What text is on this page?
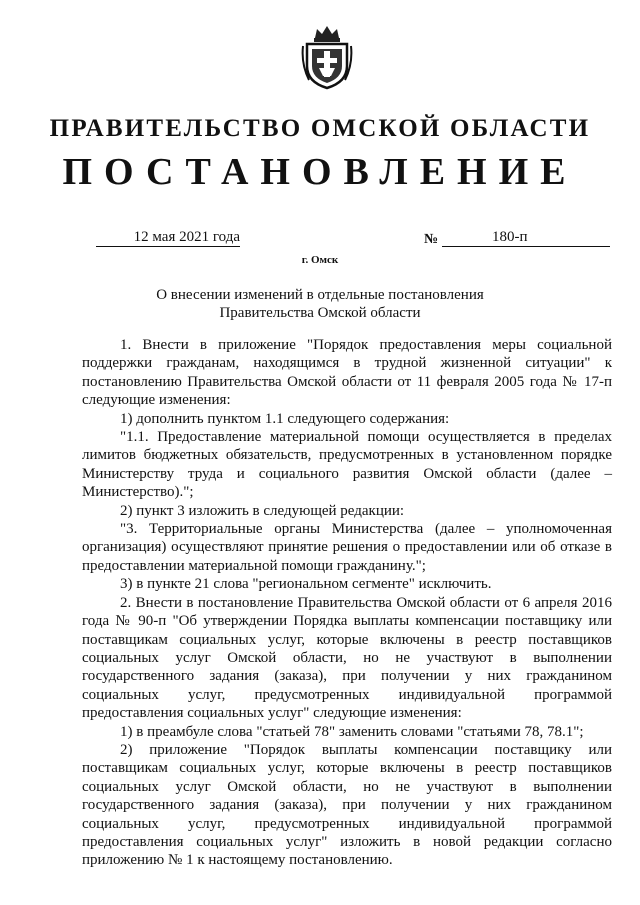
ПРАВИТЕЛЬСТВО ОМСКОЙ ОБЛАСТИ
ПОСТАНОВЛЕНИЕ
12 мая 2021 года	№	180-п
г. Омск
О внесении изменений в отдельные постановления
Правительства Омской области

1. Внести в приложение "Порядок предоставления меры социальной поддержки гражданам, находящимся в трудной жизненной ситуации" к постановлению Правительства Омской области от 11 февраля 2005 года № 17-п следующие изменения:

1) дополнить пунктом 1.1 следующего содержания:

"1.1. Предоставление материальной помощи осуществляется в пределах лимитов бюджетных обязательств, предусмотренных в установленном порядке Министерству труда и социального развития Омской области (далее – Министерство).";

2) пункт 3 изложить в следующей редакции:

"3. Территориальные органы Министерства (далее – уполномоченная организация) осуществляют принятие решения о предоставлении или об отказе в предоставлении материальной помощи гражданину.";

3) в пункте 21 слова "региональном сегменте" исключить.

2. Внести в постановление Правительства Омской области от 6 апреля 2016 года № 90-п "Об утверждении Порядка выплаты компенсации поставщику или поставщикам социальных услуг, которые включены в реестр поставщиков социальных услуг Омской области, но не участвуют в выполнении государственного задания (заказа), при получении у них гражданином социальных услуг, предусмотренных индивидуальной программой предоставления социальных услуг" следующие изменения:

1) в преамбуле слова "статьей 78" заменить словами "статьями 78, 78.1";

2) приложение "Порядок выплаты компенсации поставщику или поставщикам социальных услуг, которые включены в реестр поставщиков социальных услуг Омской области, но не участвуют в выполнении государственного задания (заказа), при получении у них гражданином социальных услуг, предусмотренных индивидуальной программой предоставления социальных услуг" изложить в новой редакции согласно приложению № 1 к настоящему постановлению.
